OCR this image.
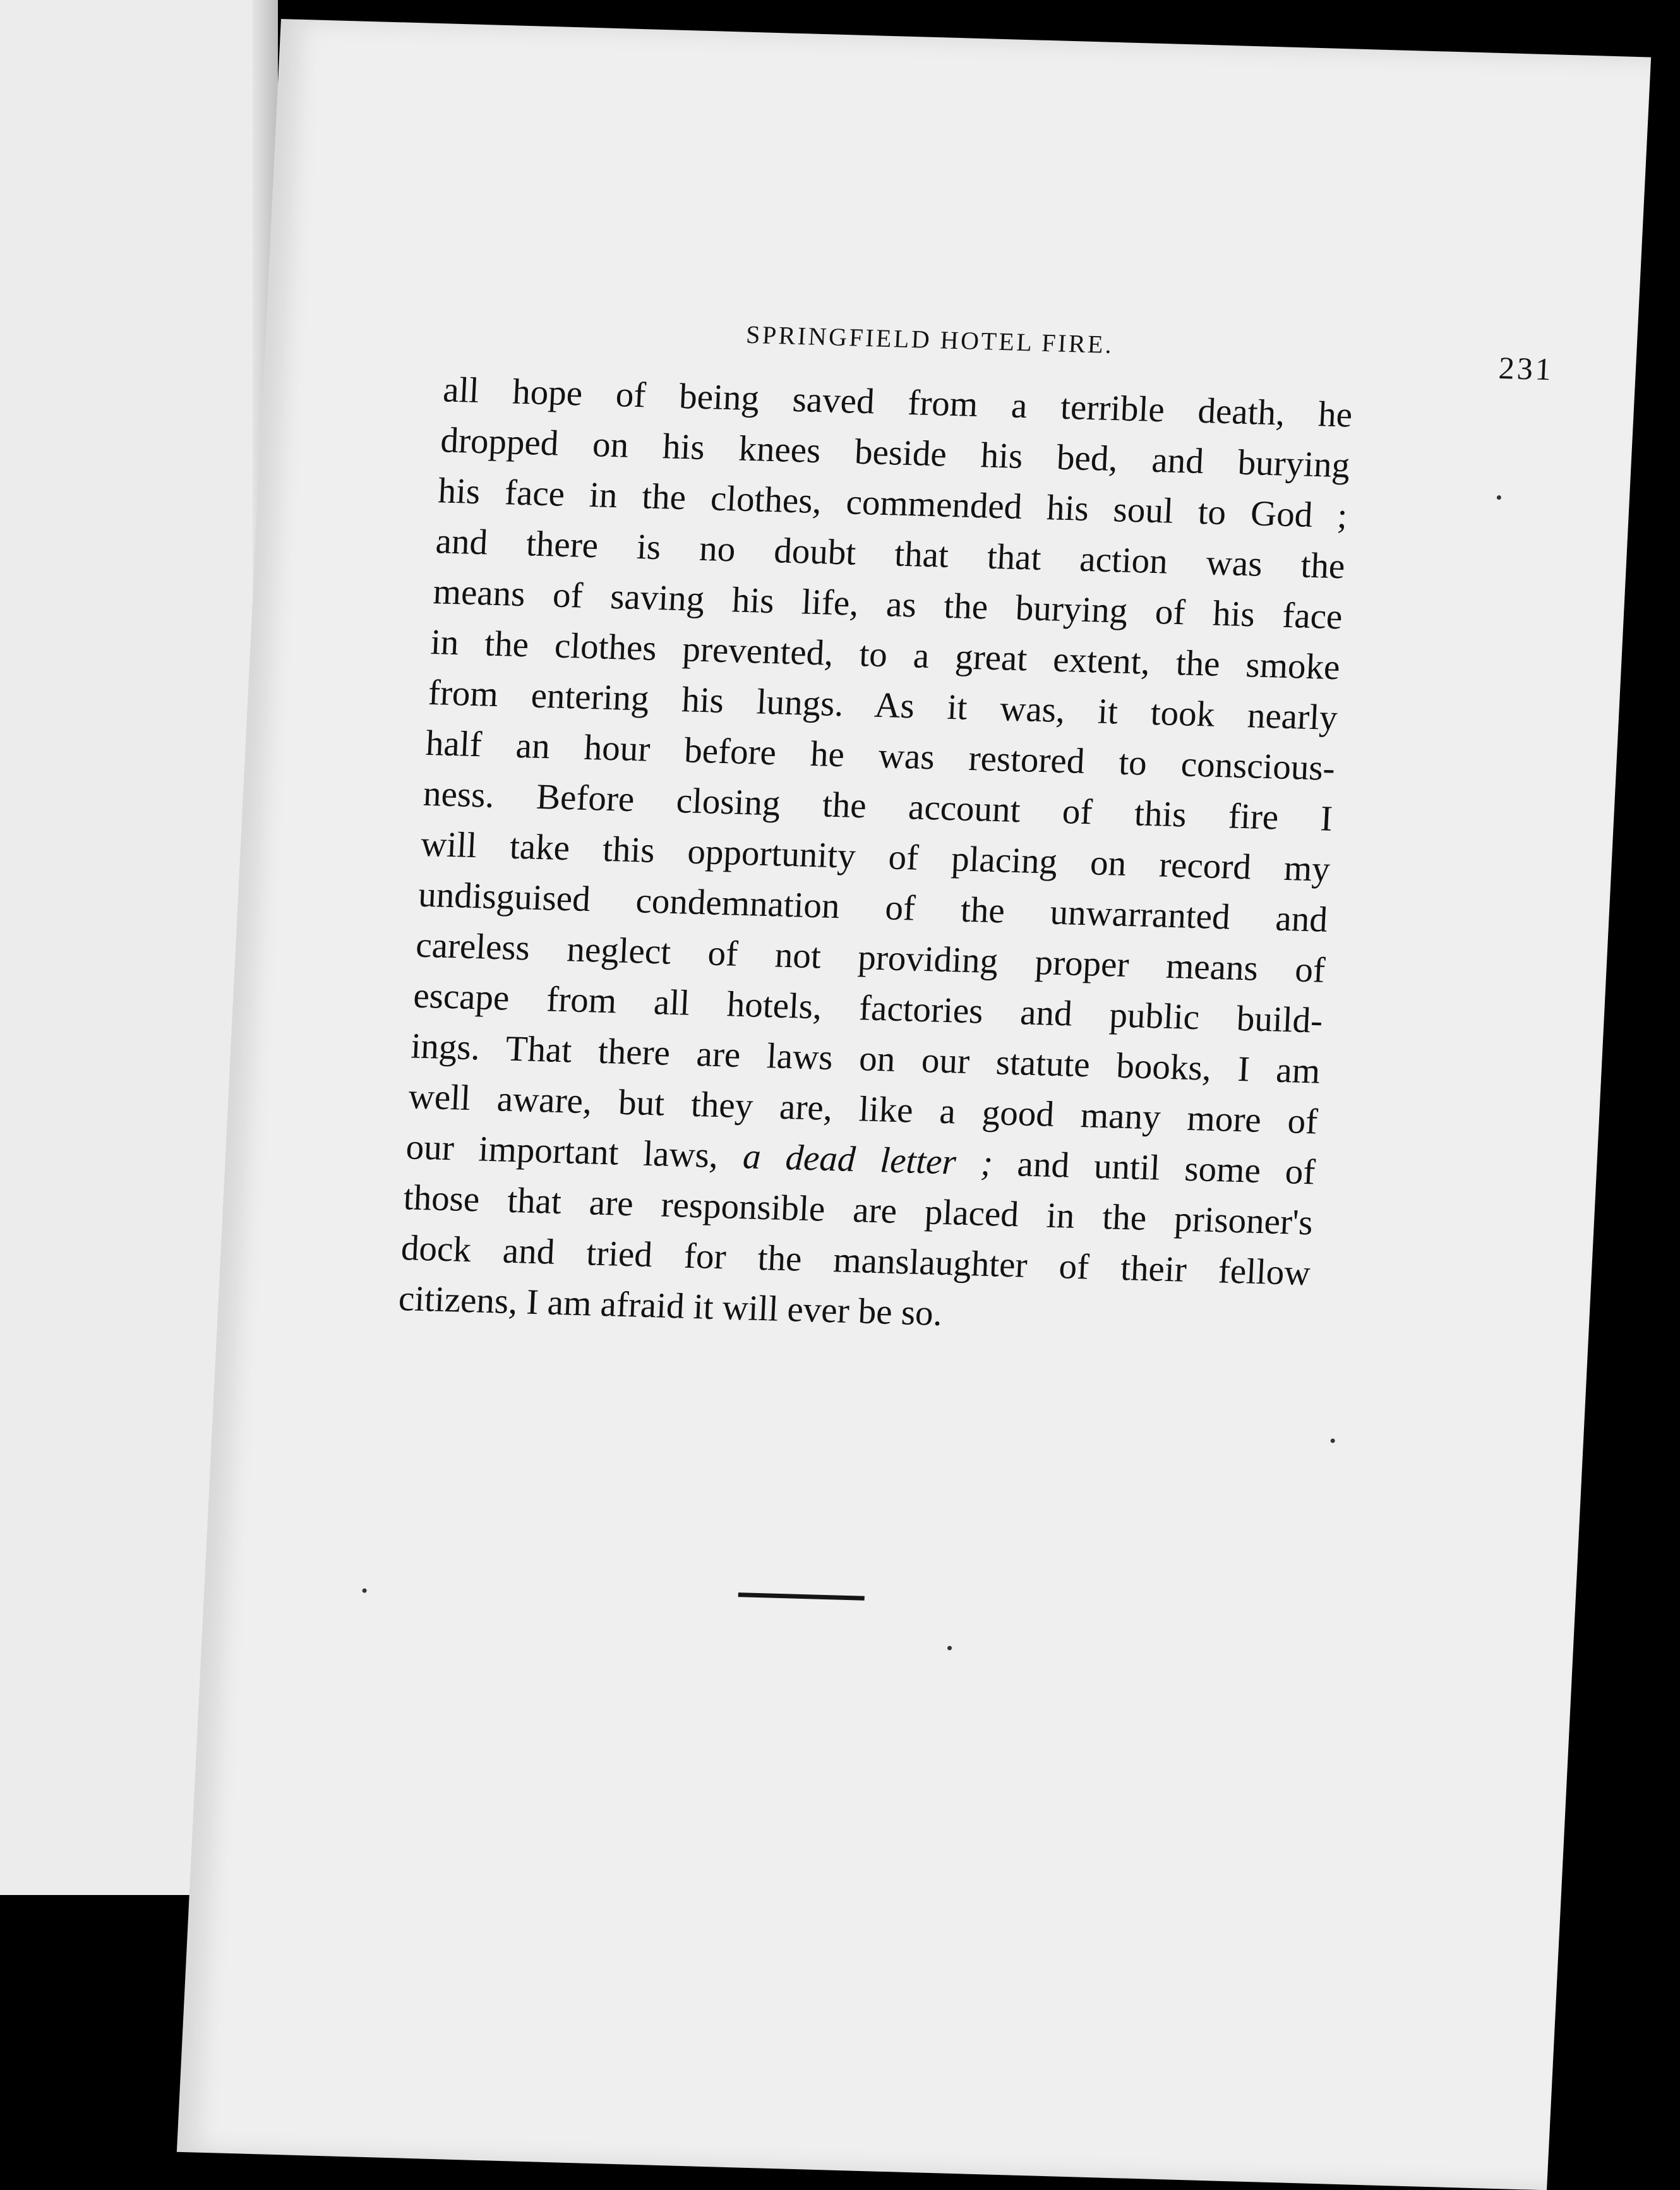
SPRINGFIELD HOTEL FIRE.
231
all hope of being saved from a terrible death, he
dropped on his knees beside his bed, and burying
his face in the clothes, commended his soul to God ;
and there is no doubt that that action was the
means of saving his life, as the burying of his face
in the clothes prevented, to a great extent, the smoke
from entering his lungs. As it was, it took nearly
half an hour before he was restored to conscious-
ness. Before closing the account of this fire I
will take this opportunity of placing on record my
undisguised condemnation of the unwarranted and
careless neglect of not providing proper means of
escape from all hotels, factories and public build-
ings. That there are laws on our statute books, I am
well aware, but they are, like a good many more of
our important laws, a dead letter ; and until some of
those that are responsible are placed in the prisoner's
dock and tried for the manslaughter of their fellow
citizens, I am afraid it will ever be so.
